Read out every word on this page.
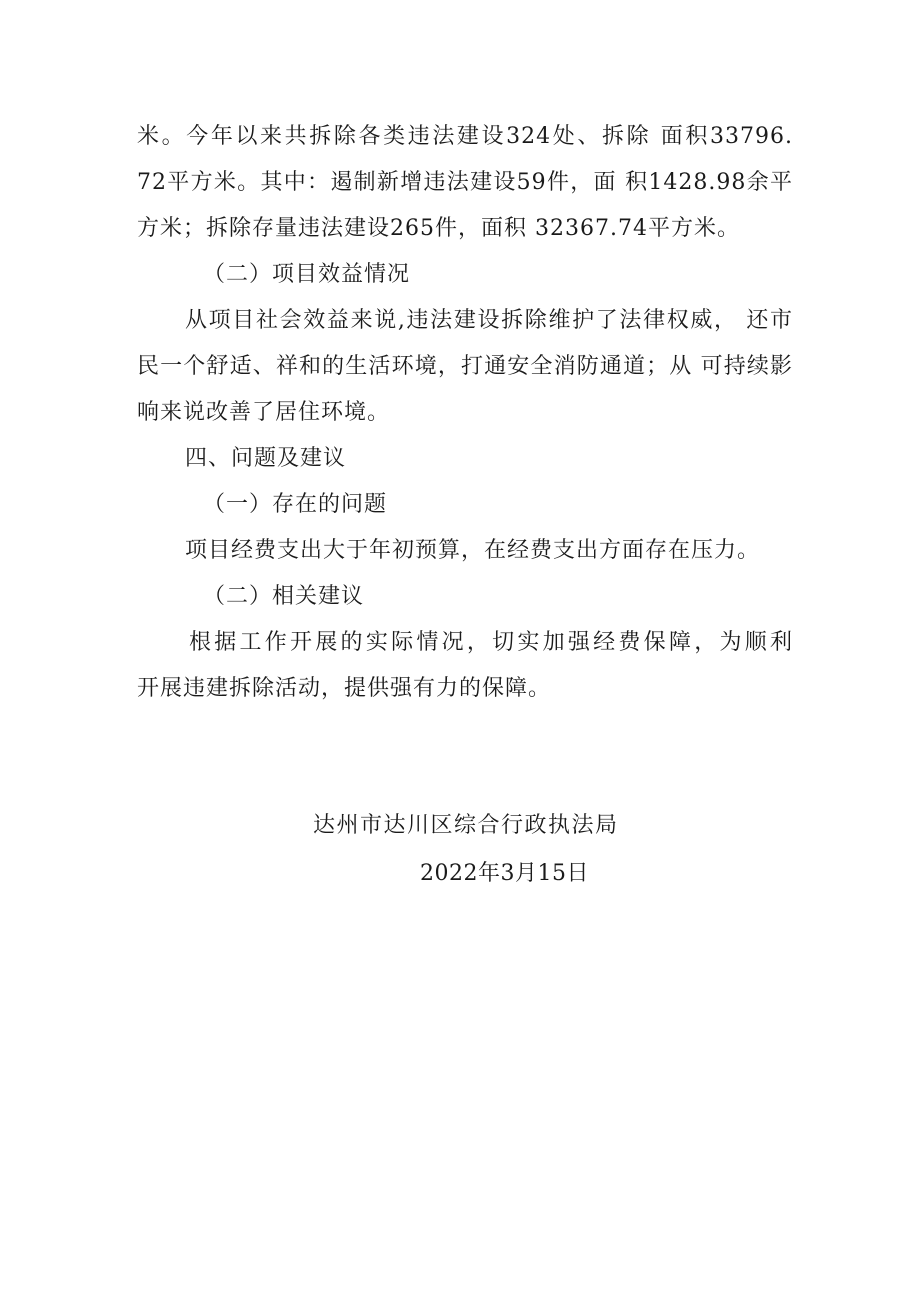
米。今年以来共拆除各类违法建设324处、拆除 面积33796. 72平方米。其中：遏制新增违法建设59件，面 积1428.98余平方米；拆除存量违法建设265件，面积 32367.74平方米。

（二）项目效益情况

从项目社会效益来说,违法建设拆除维护了法律权威， 还市民一个舒适、祥和的生活环境，打通安全消防通道；从 可持续影响来说改善了居住环境。

四、问题及建议

（一）存在的问题

项目经费支出大于年初预算，在经费支出方面存在压力。

（二）相关建议

根据工作开展的实际情况，切实加强经费保障，为顺利　 开展违建拆除活动，提供强有力的保障。

达州市达川区综合行政执法局
2022年3月15日
